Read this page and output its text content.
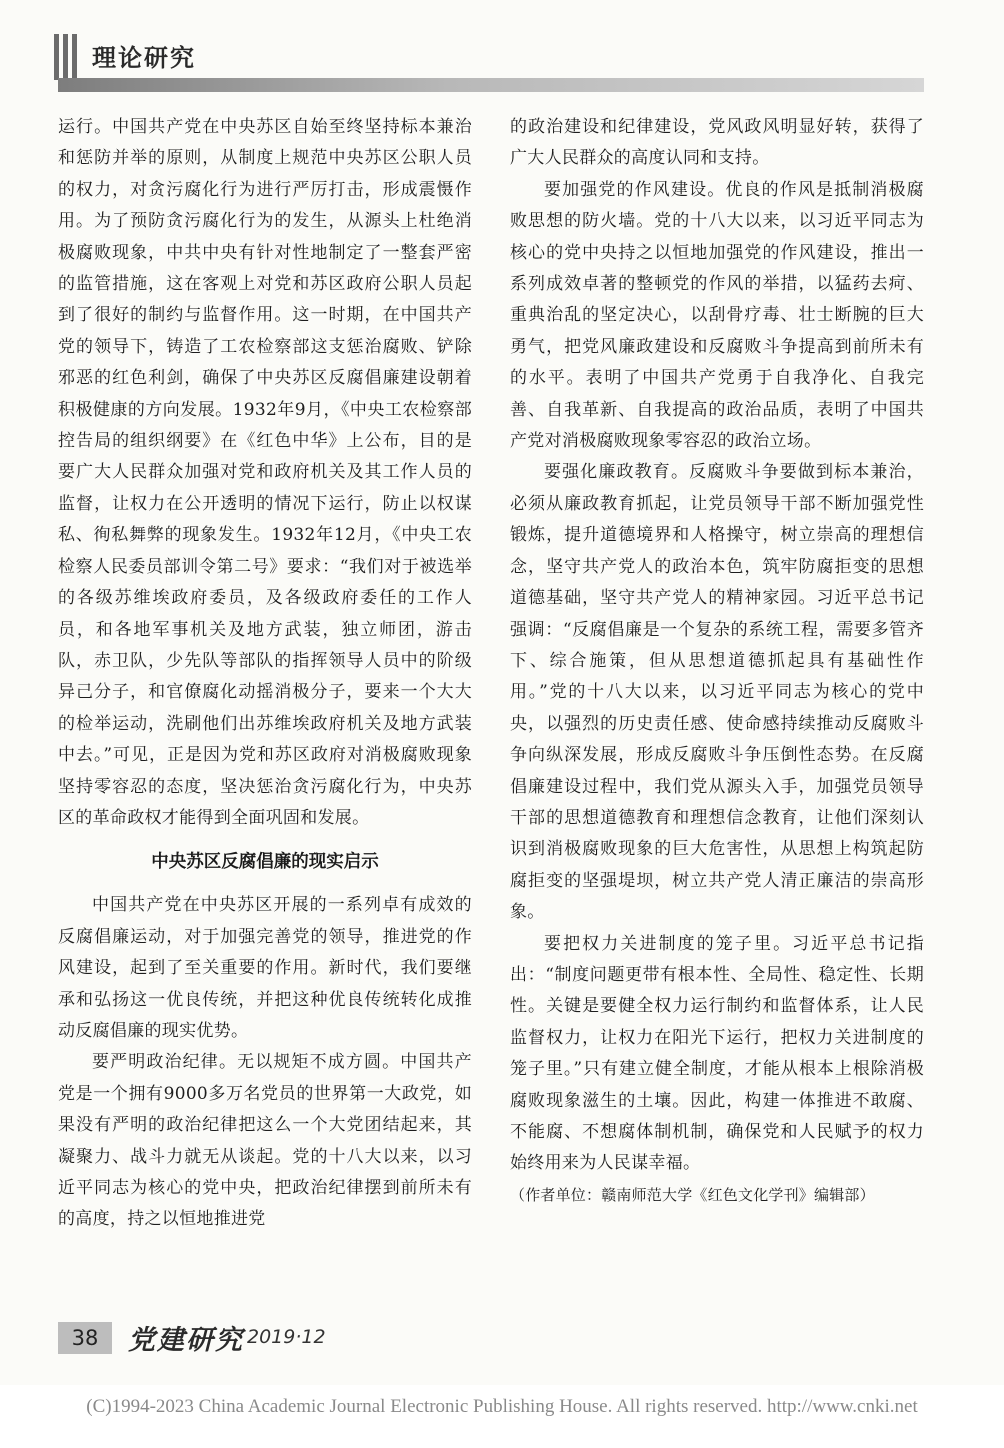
理论研究

运行。中国共产党在中央苏区自始至终坚持标本兼治和惩防并举的原则，从制度上规范中央苏区公职人员的权力，对贪污腐化行为进行严厉打击，形成震慑作用。为了预防贪污腐化行为的发生，从源头上杜绝消极腐败现象，中共中央有针对性地制定了一整套严密的监管措施，这在客观上对党和苏区政府公职人员起到了很好的制约与监督作用。这一时期，在中国共产党的领导下，铸造了工农检察部这支惩治腐败、铲除邪恶的红色利剑，确保了中央苏区反腐倡廉建设朝着积极健康的方向发展。1932年9月，《中央工农检察部控告局的组织纲要》在《红色中华》上公布，目的是要广大人民群众加强对党和政府机关及其工作人员的监督，让权力在公开透明的情况下运行，防止以权谋私、徇私舞弊的现象发生。1932年12月，《中央工农检察人民委员部训令第二号》要求：“我们对于被选举的各级苏维埃政府委员，及各级政府委任的工作人员，和各地军事机关及地方武装，独立师团，游击队，赤卫队，少先队等部队的指挥领导人员中的阶级异己分子，和官僚腐化动摇消极分子，要来一个大大的检举运动，洗刷他们出苏维埃政府机关及地方武装中去。”可见，正是因为党和苏区政府对消极腐败现象坚持零容忍的态度，坚决惩治贪污腐化行为，中央苏区的革命政权才能得到全面巩固和发展。

中央苏区反腐倡廉的现实启示

中国共产党在中央苏区开展的一系列卓有成效的反腐倡廉运动，对于加强完善党的领导，推进党的作风建设，起到了至关重要的作用。新时代，我们要继承和弘扬这一优良传统，并把这种优良传统转化成推动反腐倡廉的现实优势。

要严明政治纪律。无以规矩不成方圆。中国共产党是一个拥有9000多万名党员的世界第一大政党，如果没有严明的政治纪律把这么一个大党团结起来，其凝聚力、战斗力就无从谈起。党的十八大以来，以习近平同志为核心的党中央，把政治纪律摆到前所未有的高度，持之以恒地推进党

的政治建设和纪律建设，党风政风明显好转，获得了广大人民群众的高度认同和支持。

要加强党的作风建设。优良的作风是抵制消极腐败思想的防火墙。党的十八大以来，以习近平同志为核心的党中央持之以恒地加强党的作风建设，推出一系列成效卓著的整顿党的作风的举措，以猛药去疴、重典治乱的坚定决心，以刮骨疗毒、壮士断腕的巨大勇气，把党风廉政建设和反腐败斗争提高到前所未有的水平。表明了中国共产党勇于自我净化、自我完善、自我革新、自我提高的政治品质，表明了中国共产党对消极腐败现象零容忍的政治立场。

要强化廉政教育。反腐败斗争要做到标本兼治，必须从廉政教育抓起，让党员领导干部不断加强党性锻炼，提升道德境界和人格操守，树立崇高的理想信念，坚守共产党人的政治本色，筑牢防腐拒变的思想道德基础，坚守共产党人的精神家园。习近平总书记强调：“反腐倡廉是一个复杂的系统工程，需要多管齐下、综合施策，但从思想道德抓起具有基础性作用。”党的十八大以来，以习近平同志为核心的党中央，以强烈的历史责任感、使命感持续推动反腐败斗争向纵深发展，形成反腐败斗争压倒性态势。在反腐倡廉建设过程中，我们党从源头入手，加强党员领导干部的思想道德教育和理想信念教育，让他们深刻认识到消极腐败现象的巨大危害性，从思想上构筑起防腐拒变的坚强堤坝，树立共产党人清正廉洁的崇高形象。

要把权力关进制度的笼子里。习近平总书记指出：“制度问题更带有根本性、全局性、稳定性、长期性。关键是要健全权力运行制约和监督体系，让人民监督权力，让权力在阳光下运行，把权力关进制度的笼子里。”只有建立健全制度，才能从根本上根除消极腐败现象滋生的土壤。因此，构建一体推进不敢腐、不能腐、不想腐体制机制，确保党和人民赋予的权力始终用来为人民谋幸福。

（作者单位：赣南师范大学《红色文化学刊》编辑部）

38	党建研究 2019·12
(C)1994-2023 China Academic Journal Electronic Publishing House. All rights reserved. http://www.cnki.net
